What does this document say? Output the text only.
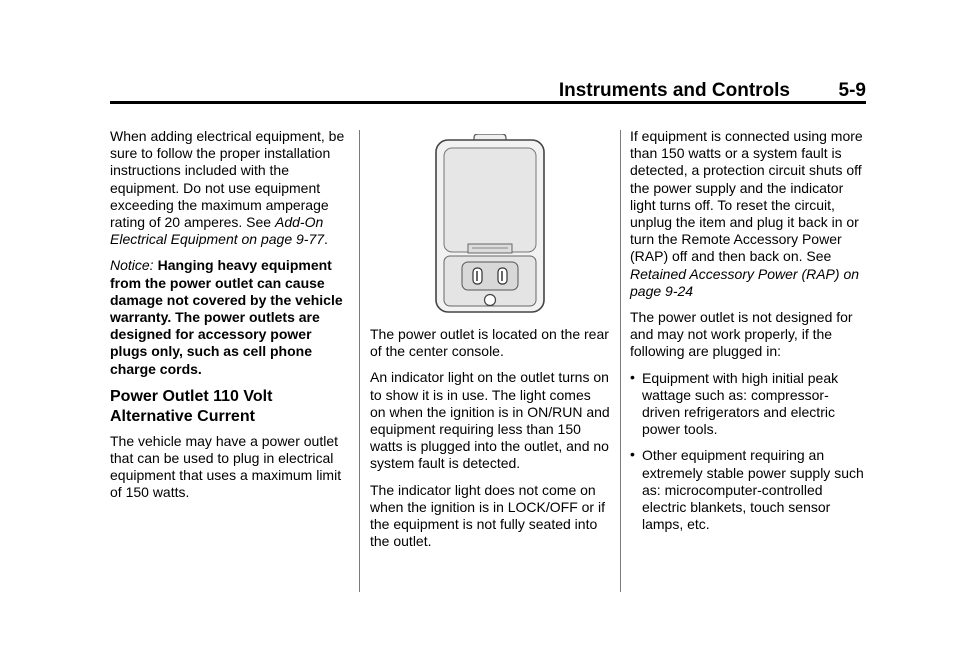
Instruments and Controls	5-9

When adding electrical equipment, be sure to follow the proper installation instructions included with the equipment. Do not use equipment exceeding the maximum amperage rating of 20 amperes. See Add-On Electrical Equipment on page 9-77.

Notice: Hanging heavy equipment from the power outlet can cause damage not covered by the vehicle warranty. The power outlets are designed for accessory power plugs only, such as cell phone charge cords.

Power Outlet 110 Volt Alternative Current

The vehicle may have a power outlet that can be used to plug in electrical equipment that uses a maximum limit of 150 watts.

The power outlet is located on the rear of the center console.

An indicator light on the outlet turns on to show it is in use. The light comes on when the ignition is in ON/RUN and equipment requiring less than 150 watts is plugged into the outlet, and no system fault is detected.

The indicator light does not come on when the ignition is in LOCK/OFF or if the equipment is not fully seated into the outlet.

If equipment is connected using more than 150 watts or a system fault is detected, a protection circuit shuts off the power supply and the indicator light turns off. To reset the circuit, unplug the item and plug it back in or turn the Remote Accessory Power (RAP) off and then back on. See Retained Accessory Power (RAP) on page 9-24

The power outlet is not designed for and may not work properly, if the following are plugged in:

• Equipment with high initial peak wattage such as: compressor-driven refrigerators and electric power tools.
• Other equipment requiring an extremely stable power supply such as: microcomputer-controlled electric blankets, touch sensor lamps, etc.
